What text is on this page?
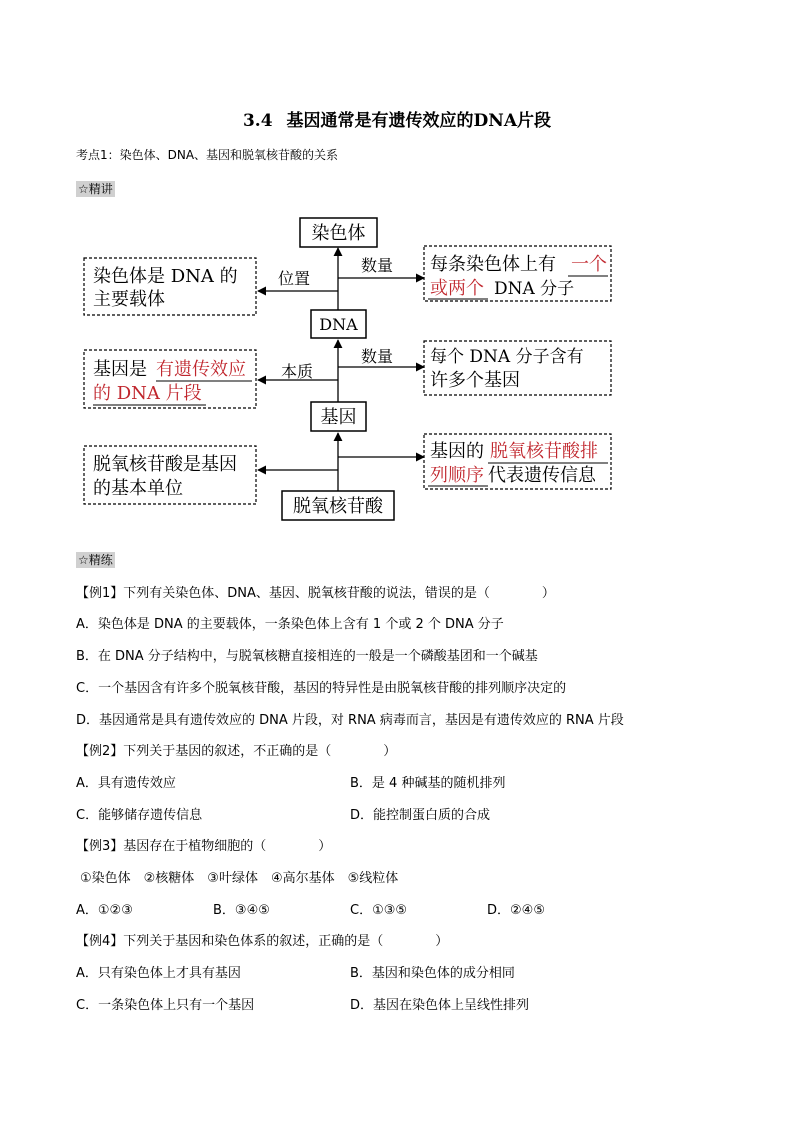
3.4 基因通常是有遗传效应的DNA片段
考点1：染色体、DNA、基因和脱氧核苷酸的关系
☆精讲
位置
数量
本质
数量
染色体
DNA
基因
脱氧核苷酸
染色体是 DNA 的
主要载体
基因是 有遗传效应
的 DNA 片段
脱氧核苷酸是基因
的基本单位
每条染色体上有 一个
或两个 DNA 分子
每个 DNA 分子含有
许多个基因
基因的 脱氧核苷酸排
列顺序 代表遗传信息
☆精练
【例1】下列有关染色体、DNA、基因、脱氧核苷酸的说法，错误的是（　　　　）
A．染色体是 DNA 的主要载体，一条染色体上含有 1 个或 2 个 DNA 分子
B．在 DNA 分子结构中，与脱氧核糖直接相连的一般是一个磷酸基团和一个碱基
C．一个基因含有许多个脱氧核苷酸，基因的特异性是由脱氧核苷酸的排列顺序决定的
D．基因通常是具有遗传效应的 DNA 片段，对 RNA 病毒而言，基因是有遗传效应的 RNA 片段
【例2】下列关于基因的叙述，不正确的是（　　　　）
A．具有遗传效应	B．是 4 种碱基的随机排列
C．能够储存遗传信息	D．能控制蛋白质的合成
【例3】基因存在于植物细胞的（　　　　）
①染色体　②核糖体　③叶绿体　④高尔基体　⑤线粒体
A．①②③	B．③④⑤	C．①③⑤	D．②④⑤
【例4】下列关于基因和染色体系的叙述，正确的是（　　　　）
A．只有染色体上才具有基因	B．基因和染色体的成分相同
C．一条染色体上只有一个基因	D．基因在染色体上呈线性排列
